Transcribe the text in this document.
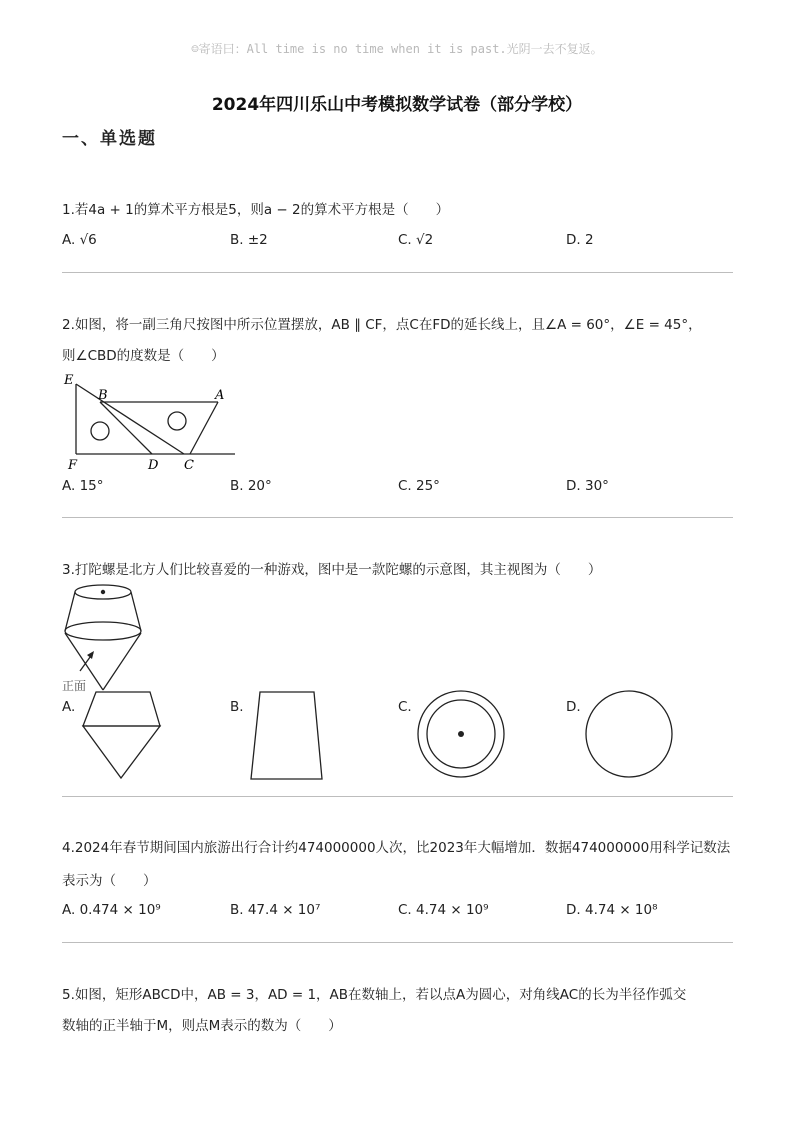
☺寄语曰：All time is no time when it is past.光阴一去不复返。
2024年四川乐山中考模拟数学试卷（部分学校）
一、单选题
1.若4a + 1的算术平方根是5，则a − 2的算术平方根是（　　）
A. √6	B. ±2	C. √2	D. 2
2.如图，将一副三角尺按图中所示位置摆放，AB ∥ CF，点C在FD的延长线上，且∠A = 60°，∠E = 45°，
则∠CBD的度数是（　　）
E
B	A
F	D C
A. 15°	B. 20°	C. 25°	D. 30°
3.打陀螺是北方人们比较喜爱的一种游戏，图中是一款陀螺的示意图，其主视图为（　　）
正面
A.	B.	C.	D.
4.2024年春节期间国内旅游出行合计约474000000人次，比2023年大幅增加．数据474000000用科学记数法
表示为（　　）
A. 0.474 × 10⁹	B. 47.4 × 10⁷	C. 4.74 × 10⁹	D. 4.74 × 10⁸
5.如图，矩形ABCD中，AB = 3，AD = 1，AB在数轴上，若以点A为圆心，对角线AC的长为半径作弧交
数轴的正半轴于M，则点M表示的数为（　　）
